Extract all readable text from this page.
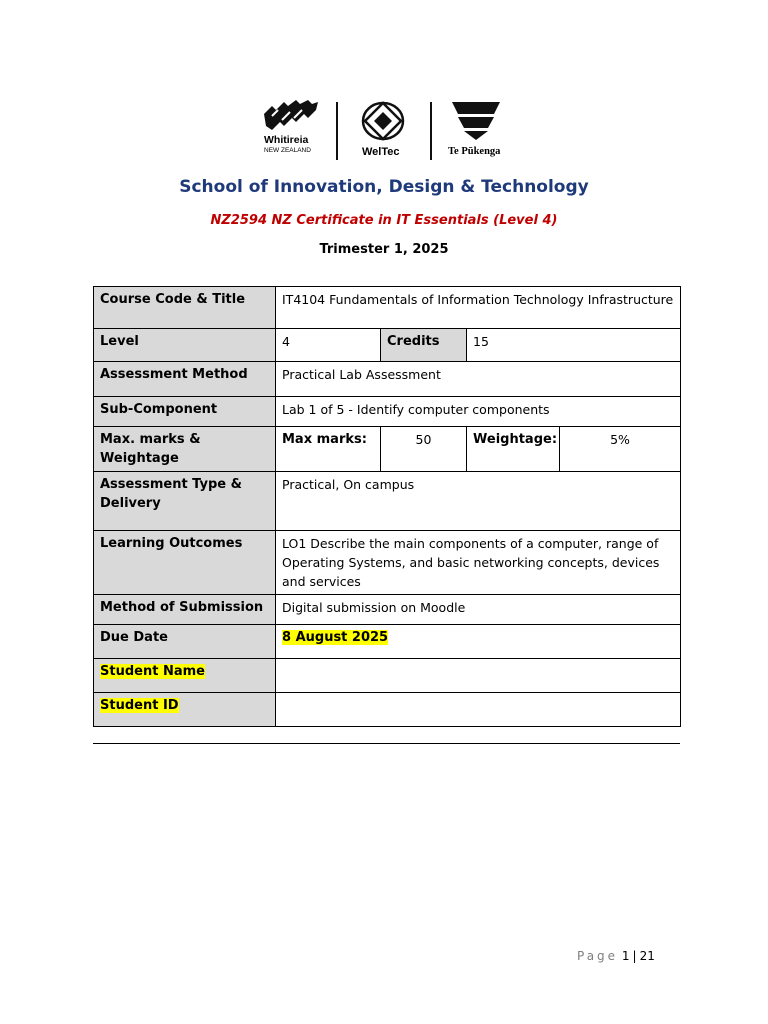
Whitireia
NEW ZEALAND	WelTec	Te Pūkenga
School of Innovation, Design & Technology
NZ2594 NZ Certificate in IT Essentials (Level 4)
Trimester 1, 2025
Course Code & Title	IT4104 Fundamentals of Information Technology Infrastructure			
Level	4	Credits	15	
Assessment Method	Practical Lab Assessment			
Sub-Component	Lab 1 of 5 - Identify computer components			
Max. marks & Weightage	Max marks:	50	Weightage:	5%
Assessment Type & Delivery	Practical, On campus			
Learning Outcomes	LO1 Describe the main components of a computer, range of Operating Systems, and basic networking concepts, devices and services			
Method of Submission	Digital submission on Moodle			
Due Date	8 August 2025			
Student Name				
Student ID				
Page 1 | 21
